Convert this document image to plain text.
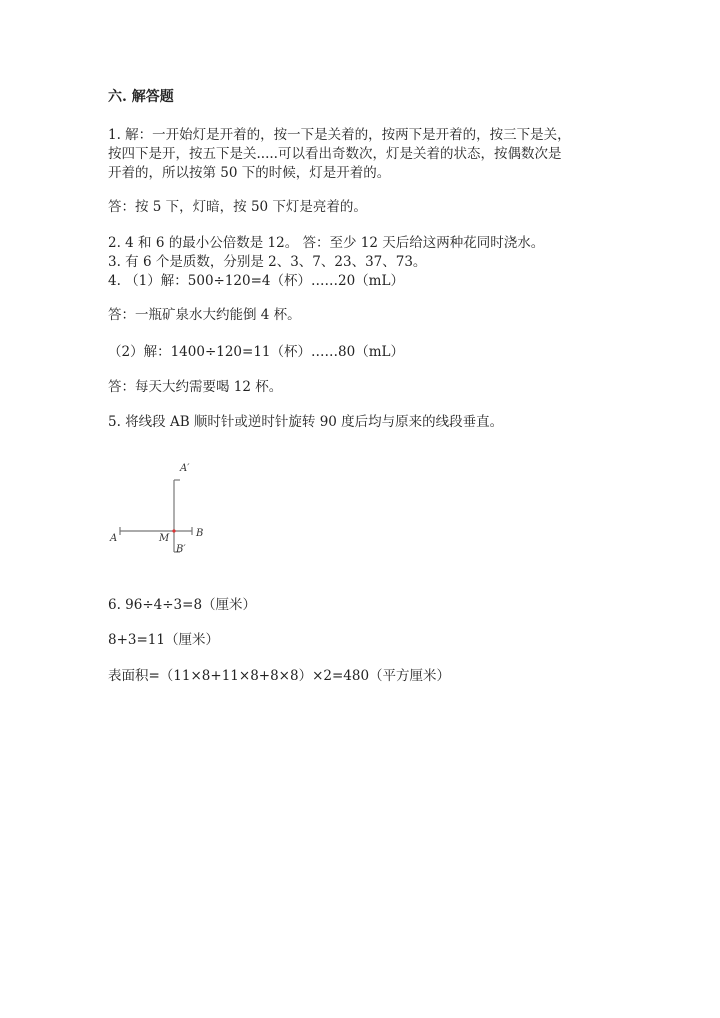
六. 解答题
1. 解：一开始灯是开着的，按一下是关着的，按两下是开着的，按三下是关，
按四下是开，按五下是关.....可以看出奇数次，灯是关着的状态，按偶数次是
开着的，所以按第 50 下的时候，灯是开着的。
答：按 5 下，灯暗，按 50 下灯是亮着的。
2. 4 和 6 的最小公倍数是 12。 答：至少 12 天后给这两种花同时浇水。
3. 有 6 个是质数，分别是 2、3、7、23、37、73。
4. （1）解：500÷120=4（杯）……20（mL）
答：一瓶矿泉水大约能倒 4 杯。
（2）解：1400÷120=11（杯）……80（mL）
答：每天大约需要喝 12 杯。
5. 将线段 AB 顺时针或逆时针旋转 90 度后均与原来的线段垂直。
A′
A	M	B
B′
6. 96÷4÷3=8（厘米）
8+3=11（厘米）
表面积=（11×8+11×8+8×8）×2=480（平方厘米）
